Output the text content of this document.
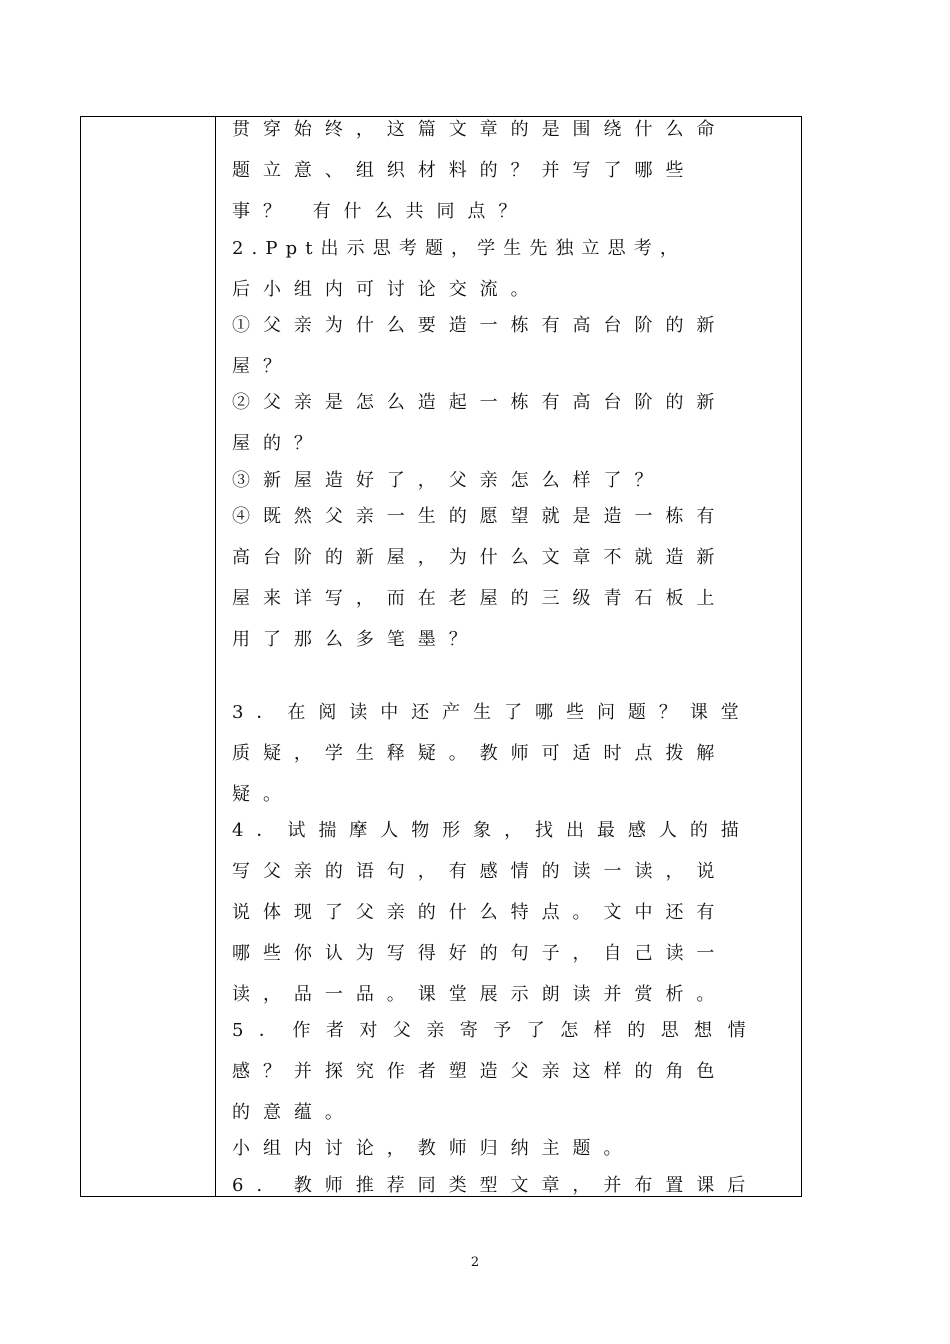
贯穿始终，这篇文章的是围绕什么命
题立意、组织材料的？并写了哪些
事？ 有什么共同点？
2.Ppt出示思考题，学生先独立思考，
后小组内可讨论交流。
①父亲为什么要造一栋有高台阶的新
屋？
②父亲是怎么造起一栋有高台阶的新
屋的？
③新屋造好了，父亲怎么样了？
④既然父亲一生的愿望就是造一栋有
高台阶的新屋，为什么文章不就造新
屋来详写，而在老屋的三级青石板上
用了那么多笔墨？
3．在阅读中还产生了哪些问题？课堂
质疑，学生释疑。教师可适时点拨解
疑。
4．试揣摩人物形象，找出最感人的描
写父亲的语句，有感情的读一读，说
说体现了父亲的什么特点。文中还有
哪些你认为写得好的句子，自己读一
读，品一品。课堂展示朗读并赏析。
5．作者对父亲寄予了怎样的思想情
感？并探究作者塑造父亲这样的角色
的意蕴。
小组内讨论，教师归纳主题。
6. 教师推荐同类型文章，并布置课后
2
